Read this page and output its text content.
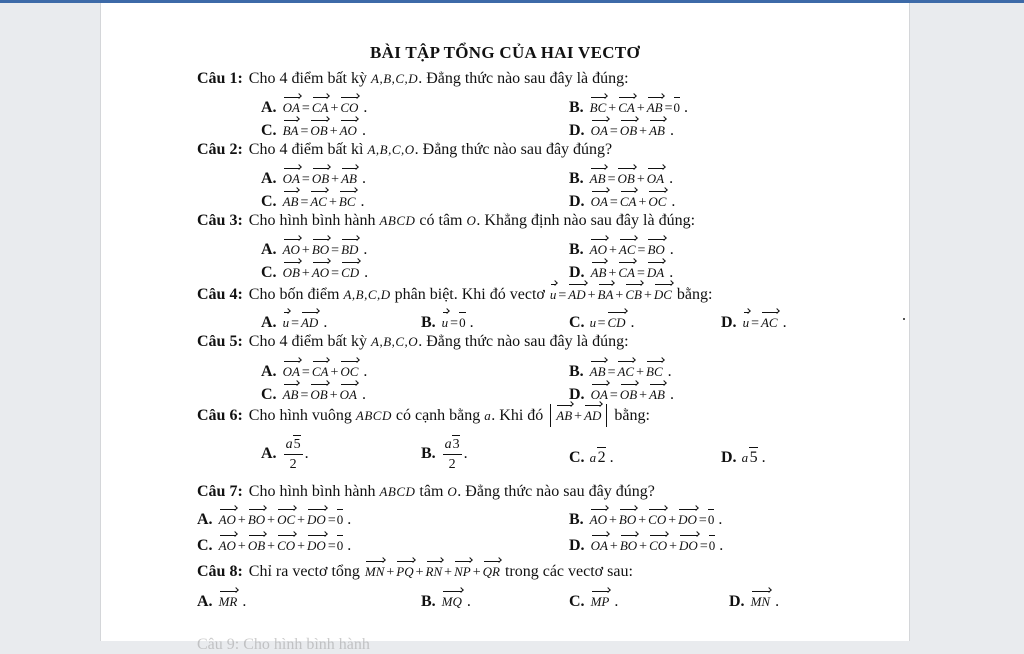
BÀI TẬP TỔNG CỦA HAI VECTƠ
Câu 1: Cho 4 điểm bất kỳ A,B,C,D. Đẳng thức nào sau đây là đúng:
A. OA = CA + CO .	B. BC + CA + AB =0 .
C. BA = OB + AO .	D. OA = OB + AB .
Câu 2: Cho 4 điểm bất kì A,B,C,O. Đẳng thức nào sau đây đúng?
A. OA = OB + AB .	B. AB = OB + OA .
C. AB = AC + BC .	D. OA = CA + OC .
Câu 3: Cho hình bình hành ABCD có tâm O. Khẳng định nào sau đây là đúng:
A. AO + BO = BD .	B. AO + AC = BO .
C. OB + AO = CD .	D. AB + CA = DA .
Câu 4: Cho bốn điểm A,B,C,D phân biệt. Khi đó vectơ u = AD + BA + CB + DC bằng:
A. u = AD .	B. u =0 .	C. u= CD .	D. u = AC .
Câu 5: Cho 4 điểm bất kỳ A,B,C,O. Đẳng thức nào sau đây là đúng:
A. OA = CA + OC .	B. AB = AC + BC .
C. AB = OB + OA .	D. OA = OB + AB .
Câu 6: Cho hình vuông ABCD có cạnh bằng a. Khi đó AB + AD bằng:
A. $\frac{a5}{2}$ .	B. $\frac{a3}{2}$ .	C. a2 .	D. a5 .
Câu 7: Cho hình bình hành ABCD tâm O. Đẳng thức nào sau đây đúng?
A. AO + BO + OC + DO =0 .	B. AO + BO + CO + DO =0 .
C. AO + OB + CO + DO =0 .	D. OA + BO + CO + DO =0 .
Câu 8: Chỉ ra vectơ tổng MN + PQ + RN + NP + QR trong các vectơ sau:
A. MR .	B. MQ .	C. MP .	D. MN .
Câu 9: Cho hình bình hành
